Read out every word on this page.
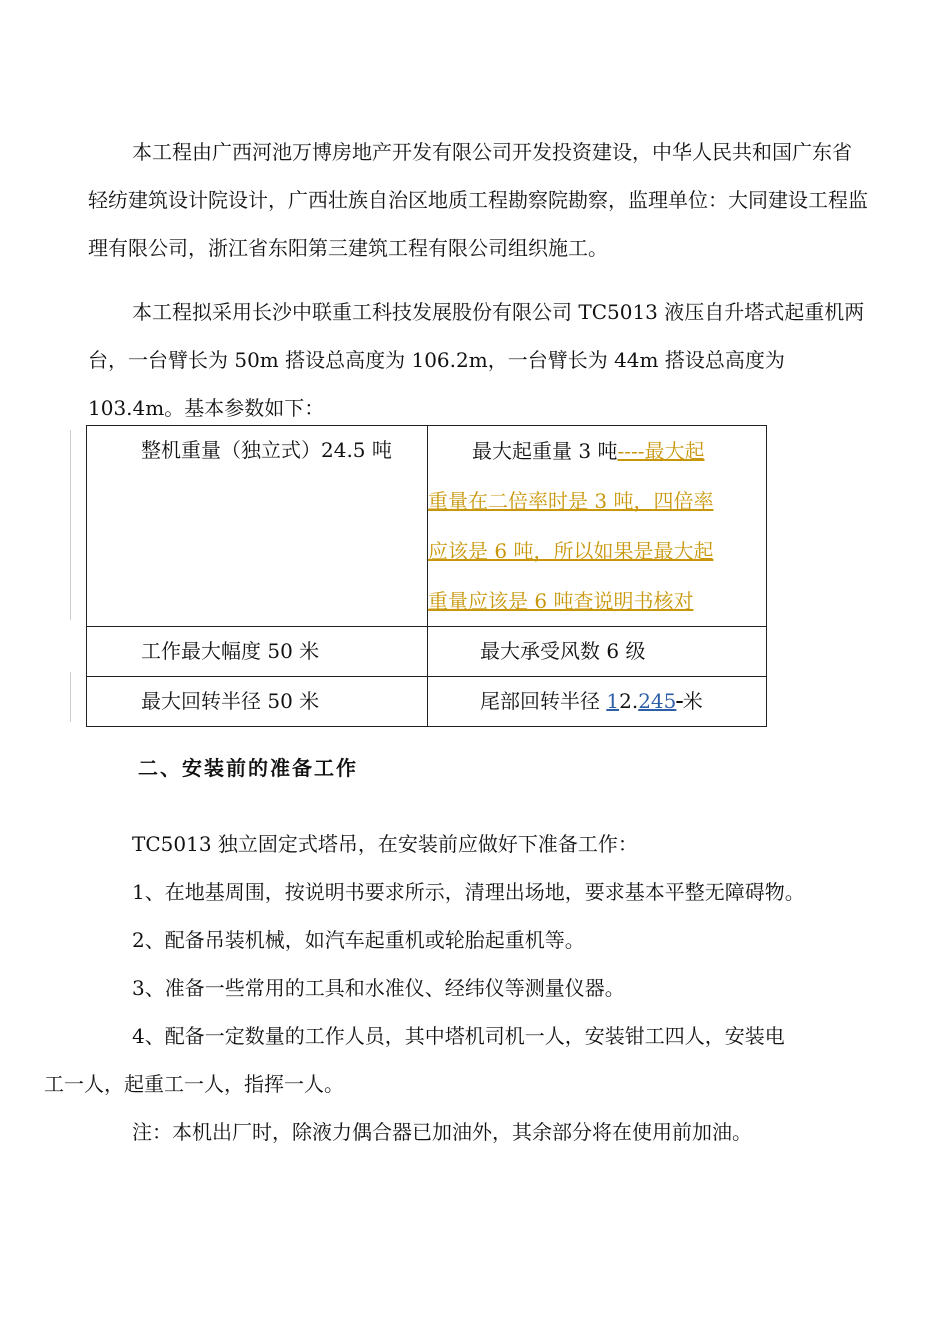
本工程由广西河池万博房地产开发有限公司开发投资建设，中华人民共和国广东省轻纺建筑设计院设计，广西壮族自治区地质工程勘察院勘察，监理单位：大同建设工程监理有限公司，浙江省东阳第三建筑工程有限公司组织施工。

本工程拟采用长沙中联重工科技发展股份有限公司 TC5013 液压自升塔式起重机两台，一台臂长为 50m 搭设总高度为 106.2m，一台臂长为 44m 搭设总高度为 103.4m。基本参数如下：

整机重量（独立式）24.5 吨	最大起重量 3 吨----最大起
重量在二倍率时是 3 吨，四倍率
应该是 6 吨，所以如果是最大起
重量应该是 6 吨查说明书核对

工作最大幅度 50 米	最大承受风数 6 级

最大回转半径 50 米	尾部回转半径 12.245 米
二、安装前的准备工作
TC5013 独立固定式塔吊，在安装前应做好下准备工作：
1、在地基周围，按说明书要求所示，清理出场地，要求基本平整无障碍物。
2、配备吊装机械，如汽车起重机或轮胎起重机等。
3、准备一些常用的工具和水准仪、经纬仪等测量仪器。
4、配备一定数量的工作人员，其中塔机司机一人，安装钳工四人，安装电
工一人，起重工一人，指挥一人。
注：本机出厂时，除液力偶合器已加油外，其余部分将在使用前加油。
